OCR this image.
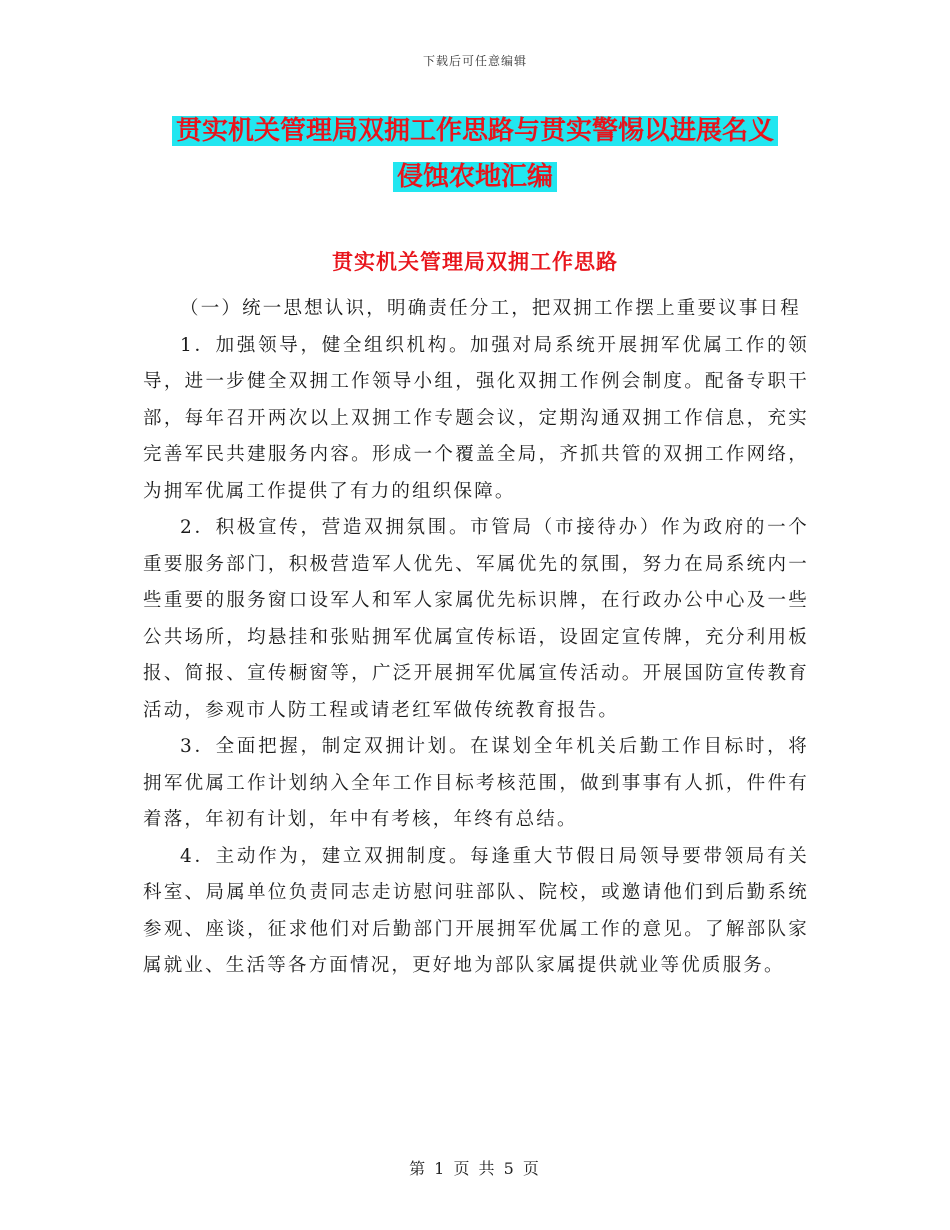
下载后可任意编辑
贯实机关管理局双拥工作思路与贯实警惕以进展名义
侵蚀农地汇编
贯实机关管理局双拥工作思路

（一）统一思想认识，明确责任分工，把双拥工作摆上重要议事日程

1．加强领导，健全组织机构。加强对局系统开展拥军优属工作的领导，进一步健全双拥工作领导小组，强化双拥工作例会制度。配备专职干部，每年召开两次以上双拥工作专题会议，定期沟通双拥工作信息，充实完善军民共建服务内容。形成一个覆盖全局，齐抓共管的双拥工作网络，为拥军优属工作提供了有力的组织保障。

2．积极宣传，营造双拥氛围。市管局（市接待办）作为政府的一个重要服务部门，积极营造军人优先、军属优先的氛围，努力在局系统内一些重要的服务窗口设军人和军人家属优先标识牌，在行政办公中心及一些公共场所，均悬挂和张贴拥军优属宣传标语，设固定宣传牌，充分利用板报、简报、宣传橱窗等，广泛开展拥军优属宣传活动。开展国防宣传教育活动，参观市人防工程或请老红军做传统教育报告。

3．全面把握，制定双拥计划。在谋划全年机关后勤工作目标时，将拥军优属工作计划纳入全年工作目标考核范围，做到事事有人抓，件件有着落，年初有计划，年中有考核，年终有总结。

4．主动作为，建立双拥制度。每逢重大节假日局领导要带领局有关科室、局属单位负责同志走访慰问驻部队、院校，或邀请他们到后勤系统参观、座谈，征求他们对后勤部门开展拥军优属工作的意见。了解部队家属就业、生活等各方面情况，更好地为部队家属提供就业等优质服务。

第 1 页 共 5 页
